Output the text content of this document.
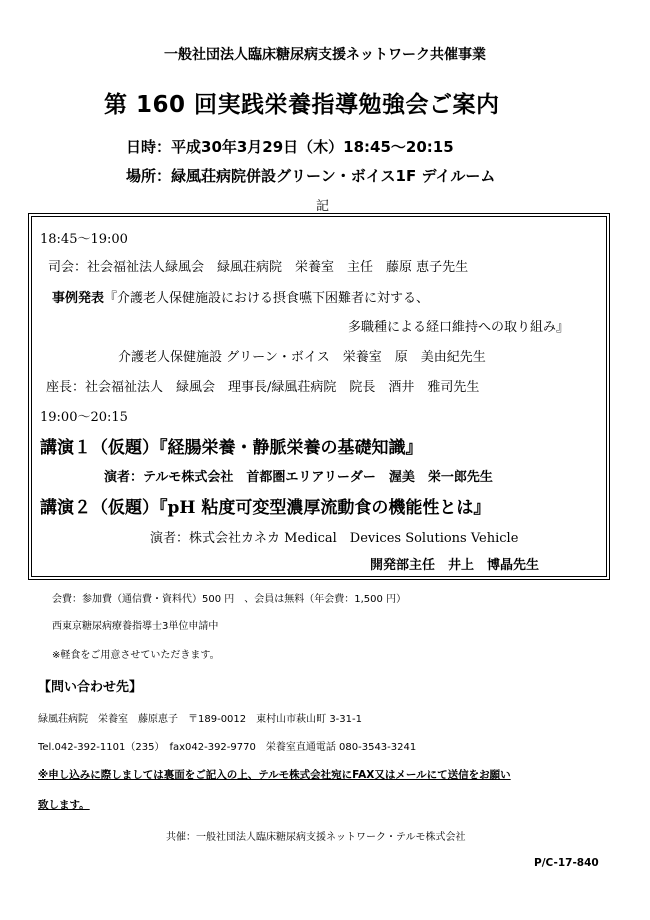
一般社団法人臨床糖尿病支援ネットワーク共催事業
第 160 回実践栄養指導勉強会ご案内
日時：平成30年3月29日（木）18:45～20:15
場所：緑風荘病院併設グリーン・ボイス1F デイルーム
記
18:45～19:00
司会：社会福祉法人緑風会　緑風荘病院　栄養室　主任　藤原 恵子先生
事例発表『介護老人保健施設における摂食嚥下困難者に対する、
多職種による経口維持への取り組み』
介護老人保健施設 グリーン・ボイス　栄養室　原　美由紀先生
座長：社会福祉法人　緑風会　理事長/緑風荘病院　院長　酒井　雅司先生
19:00～20:15
講演１（仮題）『経腸栄養・静脈栄養の基礎知識』
演者：テルモ株式会社　首都圏エリアリーダー　渥美　栄一郎先生
講演２（仮題）『pH 粘度可変型濃厚流動食の機能性とは』
演者：株式会社カネカ Medical　Devices Solutions Vehicle
開発部主任　井上　博晶先生
会費：参加費（通信費・資料代）500 円　、会員は無料（年会費：1,500 円）
西東京糖尿病療養指導士3単位申請中
※軽食をご用意させていただきます。
【問い合わせ先】
緑風荘病院　栄養室　藤原恵子　〒189-0012　東村山市萩山町 3-31-1
Tel.042-392-1101（235）　fax042-392-9770　栄養室直通電話 080-3543-3241
※申し込みに際しましては裏面をご記入の上、テルモ株式会社宛にFAX又はメールにて送信をお願い
致します。
共催：一般社団法人臨床糖尿病支援ネットワーク・テルモ株式会社
P/C-17-840
